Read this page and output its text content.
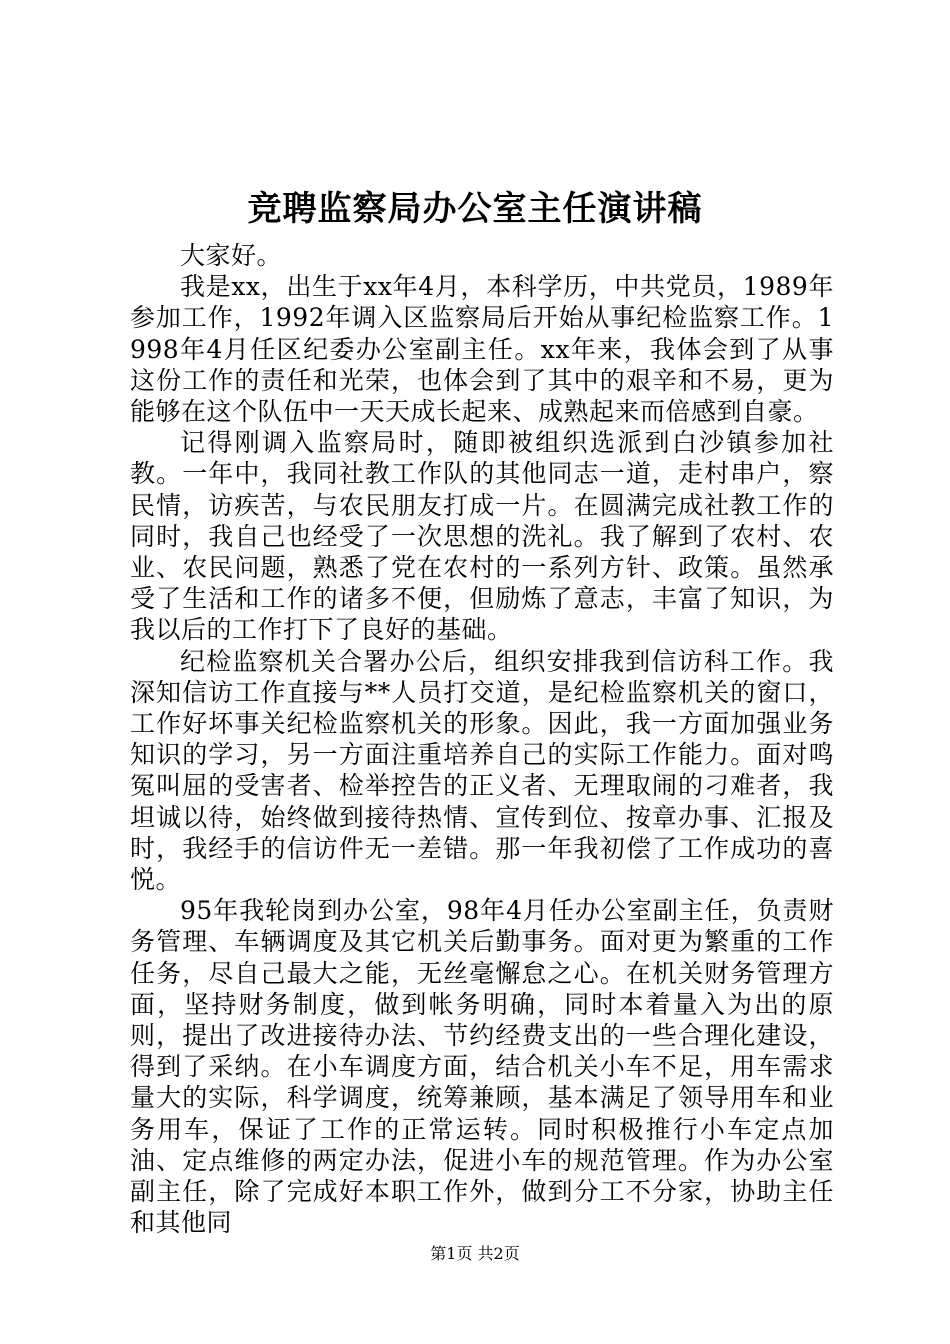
竞聘监察局办公室主任演讲稿

大家好。

我是xx，出生于xx年4月，本科学历，中共党员，1989年参加工作，1992年调入区监察局后开始从事纪检监察工作。1998年4月任区纪委办公室副主任。xx年来，我体会到了从事这份工作的责任和光荣，也体会到了其中的艰辛和不易，更为能够在这个队伍中一天天成长起来、成熟起来而倍感到自豪。

记得刚调入监察局时，随即被组织选派到白沙镇参加社教。一年中，我同社教工作队的其他同志一道，走村串户，察民情，访疾苦，与农民朋友打成一片。在圆满完成社教工作的同时，我自己也经受了一次思想的洗礼。我了解到了农村、农业、农民问题，熟悉了党在农村的一系列方针、政策。虽然承受了生活和工作的诸多不便，但励炼了意志，丰富了知识，为我以后的工作打下了良好的基础。

纪检监察机关合署办公后，组织安排我到信访科工作。我深知信访工作直接与**人员打交道，是纪检监察机关的窗口，工作好坏事关纪检监察机关的形象。因此，我一方面加强业务知识的学习，另一方面注重培养自己的实际工作能力。面对鸣冤叫屈的受害者、检举控告的正义者、无理取闹的刁难者，我坦诚以待，始终做到接待热情、宣传到位、按章办事、汇报及时，我经手的信访件无一差错。那一年我初偿了工作成功的喜悦。

95年我轮岗到办公室，98年4月任办公室副主任，负责财务管理、车辆调度及其它机关后勤事务。面对更为繁重的工作任务，尽自己最大之能，无丝毫懈怠之心。在机关财务管理方面，坚持财务制度，做到帐务明确，同时本着量入为出的原则，提出了改进接待办法、节约经费支出的一些合理化建设，得到了采纳。在小车调度方面，结合机关小车不足，用车需求量大的实际，科学调度，统筹兼顾，基本满足了领导用车和业务用车，保证了工作的正常运转。同时积极推行小车定点加油、定点维修的两定办法，促进小车的规范管理。作为办公室副主任，除了完成好本职工作外，做到分工不分家，协助主任和其他同

第1页 共2页
